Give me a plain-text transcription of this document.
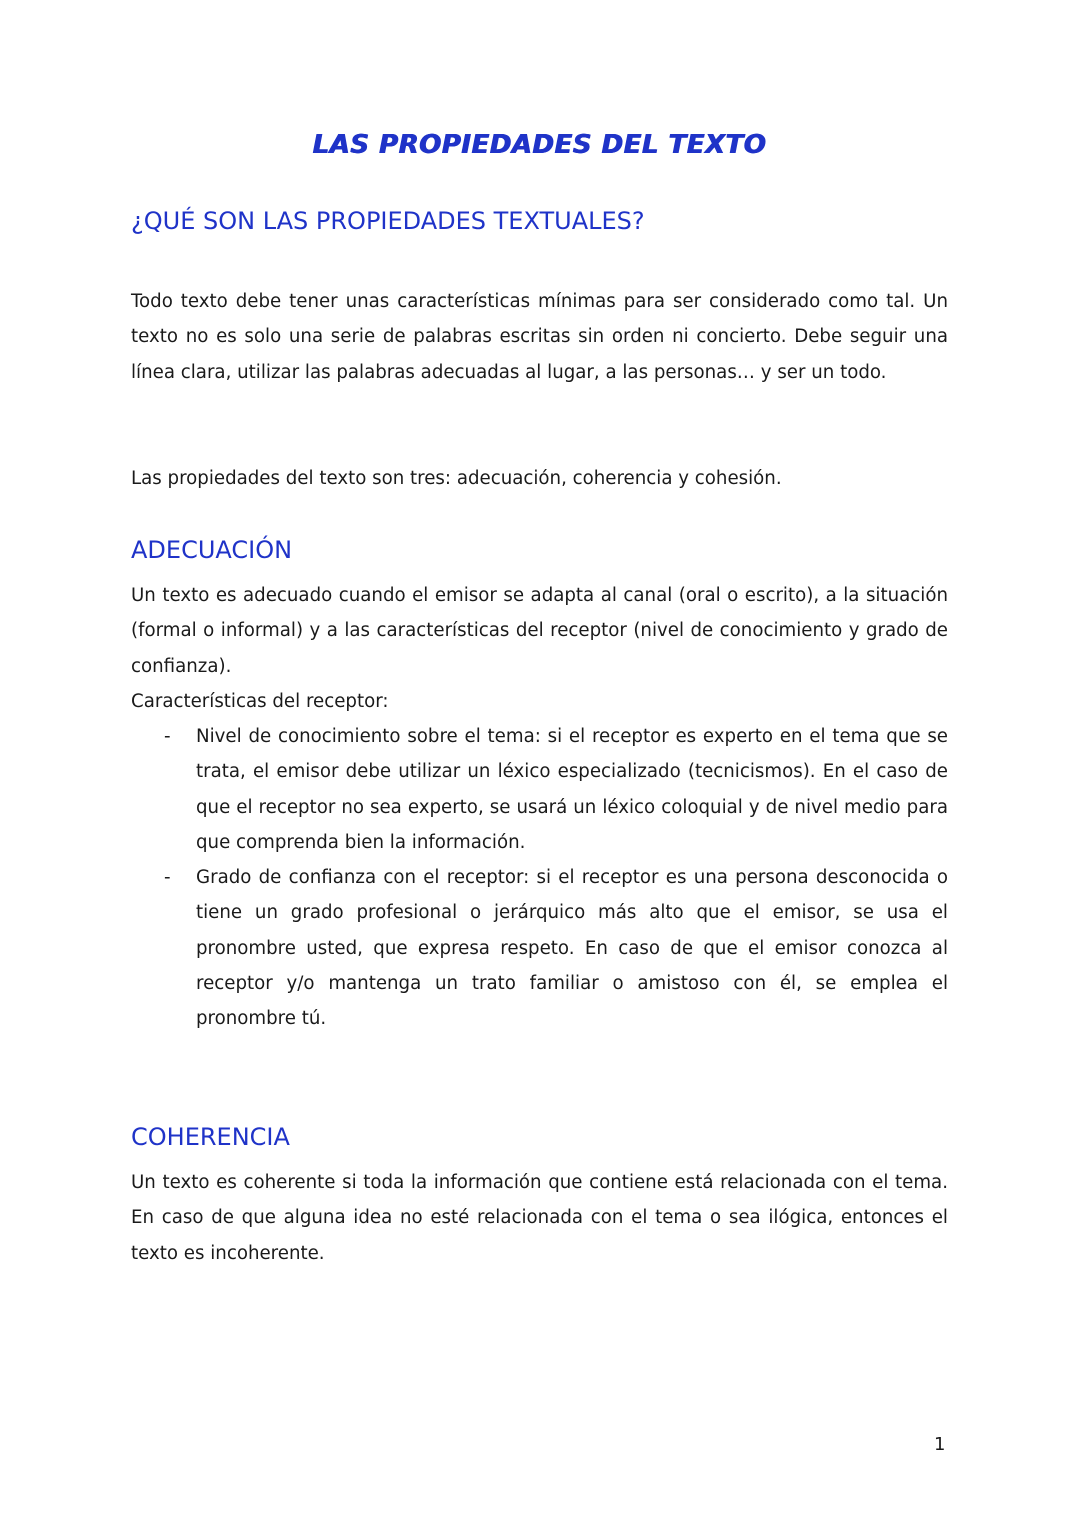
LAS PROPIEDADES DEL TEXTO
¿QUÉ SON LAS PROPIEDADES TEXTUALES?

Todo texto debe tener unas características mínimas para ser considerado como tal. Un texto no es solo una serie de palabras escritas sin orden ni concierto. Debe seguir una línea clara, utilizar las palabras adecuadas al lugar, a las personas… y ser un todo.

Las propiedades del texto son tres: adecuación, coherencia y cohesión.

ADECUACIÓN

Un texto es adecuado cuando el emisor se adapta al canal (oral o escrito), a la situación (formal o informal) y a las características del receptor (nivel de conocimiento y grado de confianza).

Características del receptor:

- Nivel de conocimiento sobre el tema: si el receptor es experto en el tema que se trata, el emisor debe utilizar un léxico especializado (tecnicismos). En el caso de que el receptor no sea experto, se usará un léxico coloquial y de nivel medio para que comprenda bien la información.

- Grado de confianza con el receptor: si el receptor es una persona desconocida o tiene un grado profesional o jerárquico más alto que el emisor, se usa el pronombre usted, que expresa respeto. En caso de que el emisor conozca al receptor y/o mantenga un trato familiar o amistoso con él, se emplea el pronombre tú.

COHERENCIA

Un texto es coherente si toda la información que contiene está relacionada con el tema. En caso de que alguna idea no esté relacionada con el tema o sea ilógica, entonces el texto es incoherente.

1
